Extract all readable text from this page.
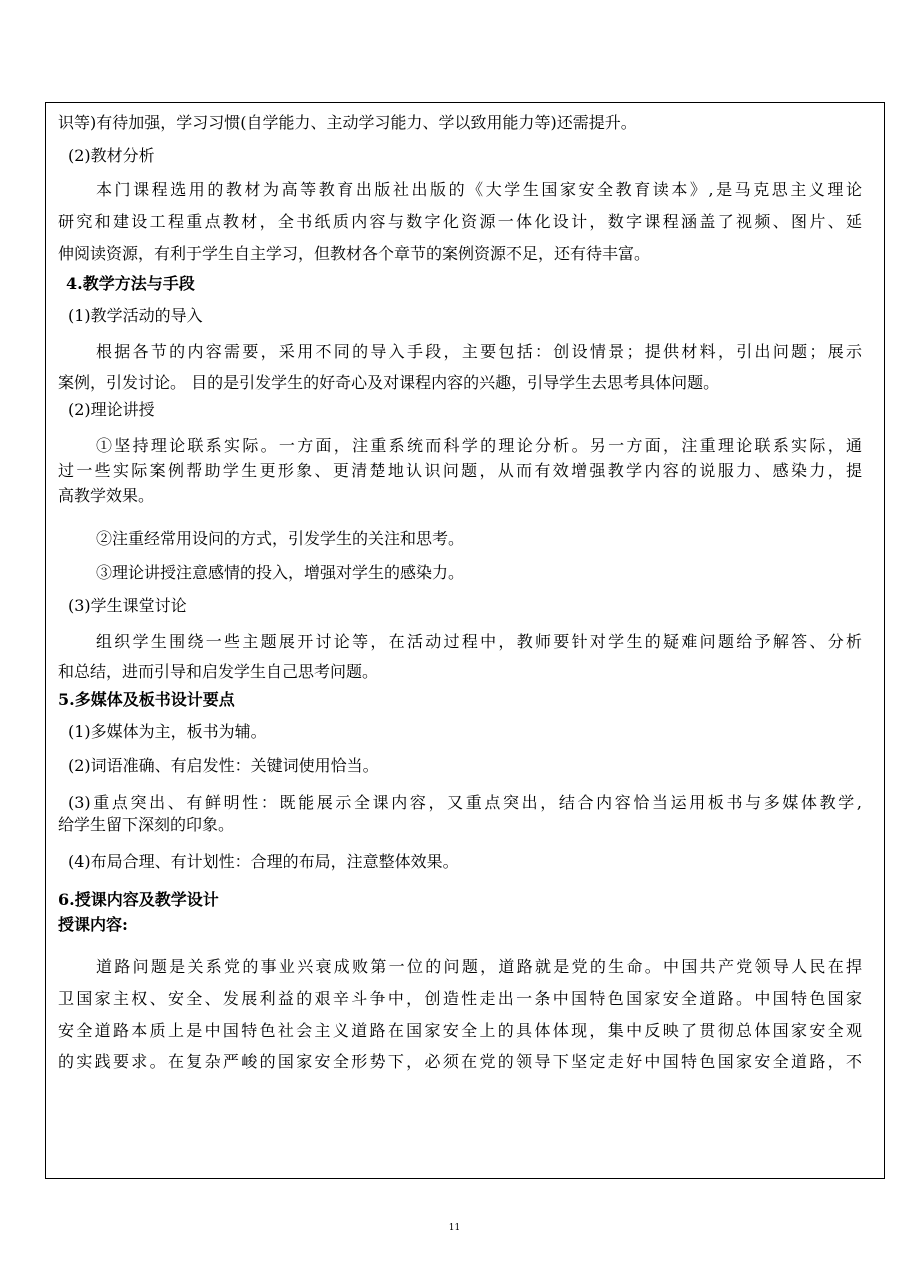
识等)有待加强，学习习惯(自学能力、主动学习能力、学以致用能力等)还需提升。
(2)教材分析
本门课程选用的教材为高等教育出版社出版的《大学生国家安全教育读本》,是马克思主义理论
研究和建设工程重点教材，全书纸质内容与数字化资源一体化设计，数字课程涵盖了视频、图片、延
伸阅读资源，有利于学生自主学习，但教材各个章节的案例资源不足，还有待丰富。
4.教学方法与手段
(1)教学活动的导入
根据各节的内容需要，采用不同的导入手段，主要包括：创设情景；提供材料，引出问题；展示
案例，引发讨论。 目的是引发学生的好奇心及对课程内容的兴趣，引导学生去思考具体问题。
(2)理论讲授
①坚持理论联系实际。一方面，注重系统而科学的理论分析。另一方面，注重理论联系实际，通
过一些实际案例帮助学生更形象、更清楚地认识问题，从而有效增强教学内容的说服力、感染力，提
高教学效果。
②注重经常用设问的方式，引发学生的关注和思考。
③理论讲授注意感情的投入，增强对学生的感染力。
(3)学生课堂讨论
组织学生围绕一些主题展开讨论等，在活动过程中，教师要针对学生的疑难问题给予解答、分析
和总结，进而引导和启发学生自己思考问题。
5.多媒体及板书设计要点
(1)多媒体为主，板书为辅。
(2)词语准确、有启发性：关键词使用恰当。
(3)重点突出、有鲜明性：既能展示全课内容，又重点突出，结合内容恰当运用板书与多媒体教学,
给学生留下深刻的印象。
(4)布局合理、有计划性：合理的布局，注意整体效果。
6.授课内容及教学设计
授课内容:
道路问题是关系党的事业兴衰成败第一位的问题，道路就是党的生命。中国共产党领导人民在捍
卫国家主权、安全、发展利益的艰辛斗争中，创造性走出一条中国特色国家安全道路。中国特色国家
安全道路本质上是中国特色社会主义道路在国家安全上的具体体现，集中反映了贯彻总体国家安全观
的实践要求。在复杂严峻的国家安全形势下，必须在党的领导下坚定走好中国特色国家安全道路，不
11
